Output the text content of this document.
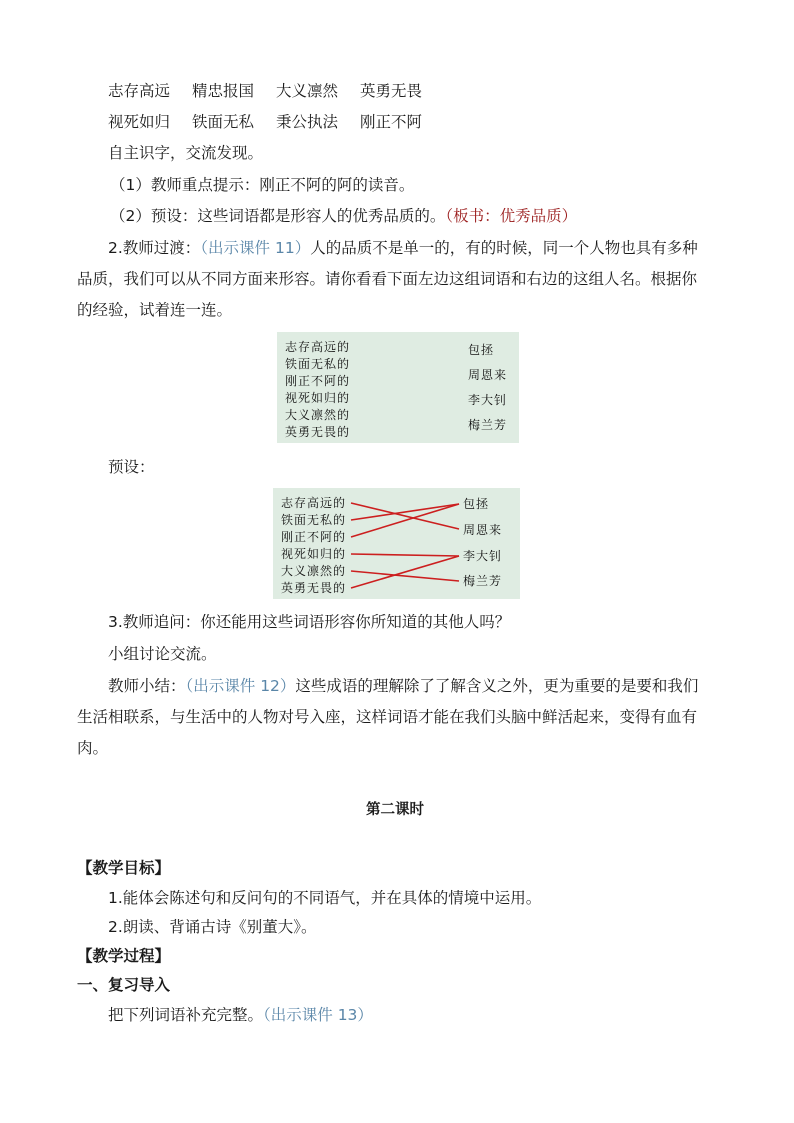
志存高远 精忠报国 大义凛然 英勇无畏
视死如归 铁面无私 秉公执法 刚正不阿
自主识字，交流发现。
（1）教师重点提示：刚正不阿的阿的读音。
（2）预设：这些词语都是形容人的优秀品质的。（板书：优秀品质）
2.教师过渡：（出示课件 11）人的品质不是单一的，有的时候，同一个人物也具有多种
品质，我们可以从不同方面来形容。请你看看下面左边这组词语和右边的这组人名。根据你
的经验，试着连一连。
志存高远的
铁面无私的
刚正不阿的
视死如归的
大义凛然的
英勇无畏的
包拯
周恩来
李大钊
梅兰芳
预设：
志存高远的
铁面无私的
刚正不阿的
视死如归的
大义凛然的
英勇无畏的
包拯
周恩来
李大钊
梅兰芳
3.教师追问：你还能用这些词语形容你所知道的其他人吗？
小组讨论交流。
教师小结：（出示课件 12）这些成语的理解除了了解含义之外，更为重要的是要和我们
生活相联系，与生活中的人物对号入座，这样词语才能在我们头脑中鲜活起来，变得有血有
肉。
第二课时
【教学目标】
1.能体会陈述句和反问句的不同语气，并在具体的情境中运用。
2.朗读、背诵古诗《别董大》。
【教学过程】
一、复习导入
把下列词语补充完整。（出示课件 13）
